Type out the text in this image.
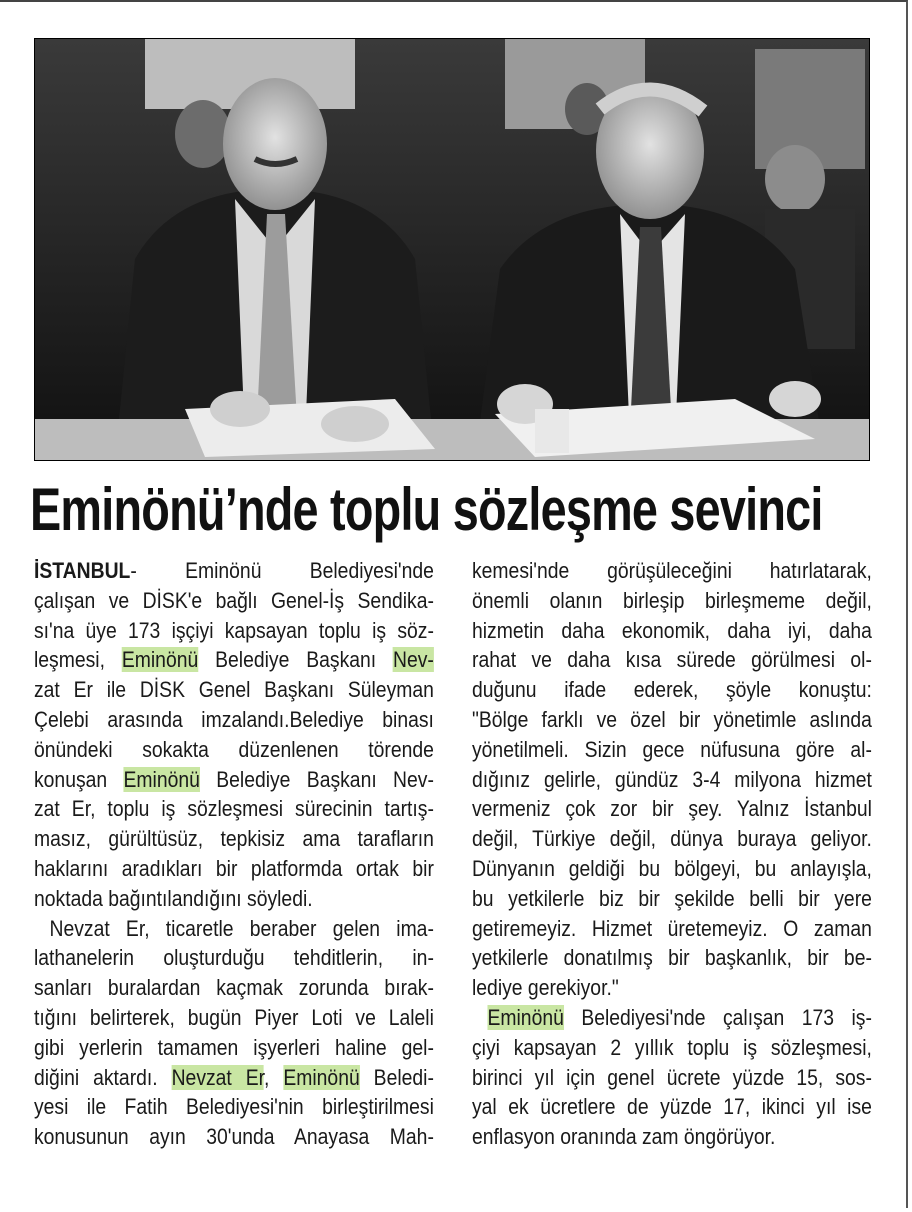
Eminönü’nde toplu sözleşme sevinci
İSTANBUL- Eminönü Belediyesi'nde
çalışan ve DİSK'e bağlı Genel-İş Sendika-
sı'na üye 173 işçiyi kapsayan toplu iş söz-
leşmesi, Eminönü Belediye Başkanı Nev-
zat Er ile DİSK Genel Başkanı Süleyman
Çelebi arasında imzalandı.Belediye binası
önündeki sokakta düzenlenen törende
konuşan Eminönü Belediye Başkanı Nev-
zat Er, toplu iş sözleşmesi sürecinin tartış-
masız, gürültüsüz, tepkisiz ama tarafların
haklarını aradıkları bir platformda ortak bir
noktada bağıntılandığını söyledi.
Nevzat Er, ticaretle beraber gelen ima-
lathanelerin oluşturduğu tehditlerin, in-
sanları buralardan kaçmak zorunda bırak-
tığını belirterek, bugün Piyer Loti ve Laleli
gibi yerlerin tamamen işyerleri haline gel-
diğini aktardı. Nevzat Er, Eminönü Beledi-
yesi ile Fatih Belediyesi'nin birleştirilmesi
konusunun ayın 30'unda Anayasa Mah-
kemesi'nde görüşüleceğini hatırlatarak,
önemli olanın birleşip birleşmeme değil,
hizmetin daha ekonomik, daha iyi, daha
rahat ve daha kısa sürede görülmesi ol-
duğunu ifade ederek, şöyle konuştu:
"Bölge farklı ve özel bir yönetimle aslında
yönetilmeli. Sizin gece nüfusuna göre al-
dığınız gelirle, gündüz 3-4 milyona hizmet
vermeniz çok zor bir şey. Yalnız İstanbul
değil, Türkiye değil, dünya buraya geliyor.
Dünyanın geldiği bu bölgeyi, bu anlayışla,
bu yetkilerle biz bir şekilde belli bir yere
getiremeyiz. Hizmet üretemeyiz. O zaman
yetkilerle donatılmış bir başkanlık, bir be-
lediye gerekiyor."
Eminönü Belediyesi'nde çalışan 173 iş-
çiyi kapsayan 2 yıllık toplu iş sözleşmesi,
birinci yıl için genel ücrete yüzde 15, sos-
yal ek ücretlere de yüzde 17, ikinci yıl ise
enflasyon oranında zam öngörüyor.
